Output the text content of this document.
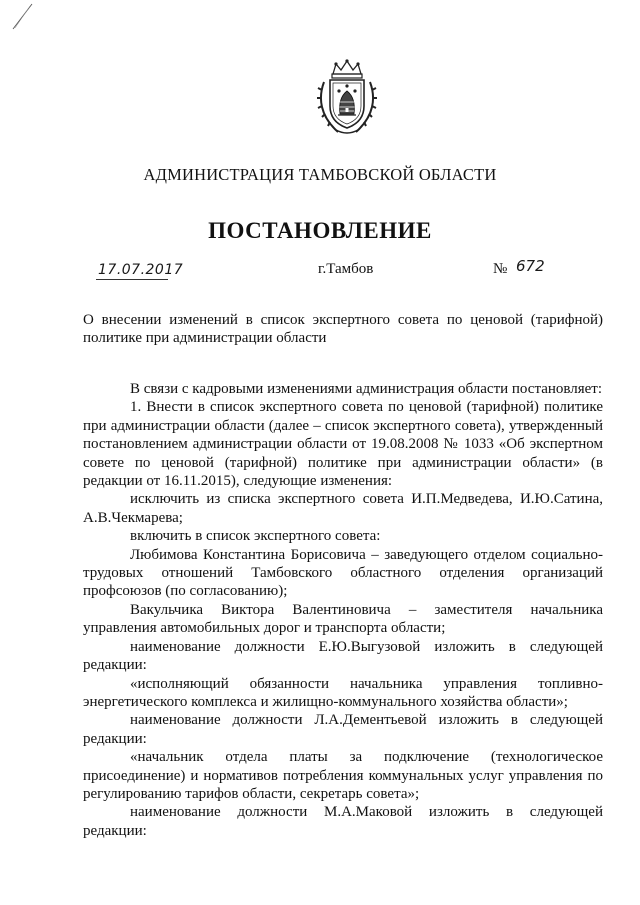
АДМИНИСТРАЦИЯ ТАМБОВСКОЙ ОБЛАСТИ
ПОСТАНОВЛЕНИЕ
17.07.2017	г.Тамбов	№ 672
О внесении изменений в список экспертного совета по ценовой (тарифной) политике при администрации области

В связи с кадровыми изменениями администрация области постановляет:

1. Внести в список экспертного совета по ценовой (тарифной) политике при администрации области (далее – список экспертного совета), утвержденный постановлением администрации области от 19.08.2008 № 1033 «Об экспертном совете по ценовой (тарифной) политике при администрации области» (в редакции от 16.11.2015), следующие изменения:

исключить из списка экспертного совета И.П.Медведева, И.Ю.Сатина, А.В.Чекмарева;

включить в список экспертного совета:

Любимова Константина Борисовича – заведующего отделом социально-трудовых отношений Тамбовского областного отделения организаций профсоюзов (по согласованию);

Вакульчика Виктора Валентиновича – заместителя начальника управления автомобильных дорог и транспорта области;

наименование должности Е.Ю.Выгузовой изложить в следующей редакции:

«исполняющий обязанности начальника управления топливно-энергетического комплекса и жилищно-коммунального хозяйства области»;

наименование должности Л.А.Дементьевой изложить в следующей редакции:

«начальник отдела платы за подключение (технологическое присоединение) и нормативов потребления коммунальных услуг управления по регулированию тарифов области, секретарь совета»;

наименование должности М.А.Маковой изложить в следующей редакции:
